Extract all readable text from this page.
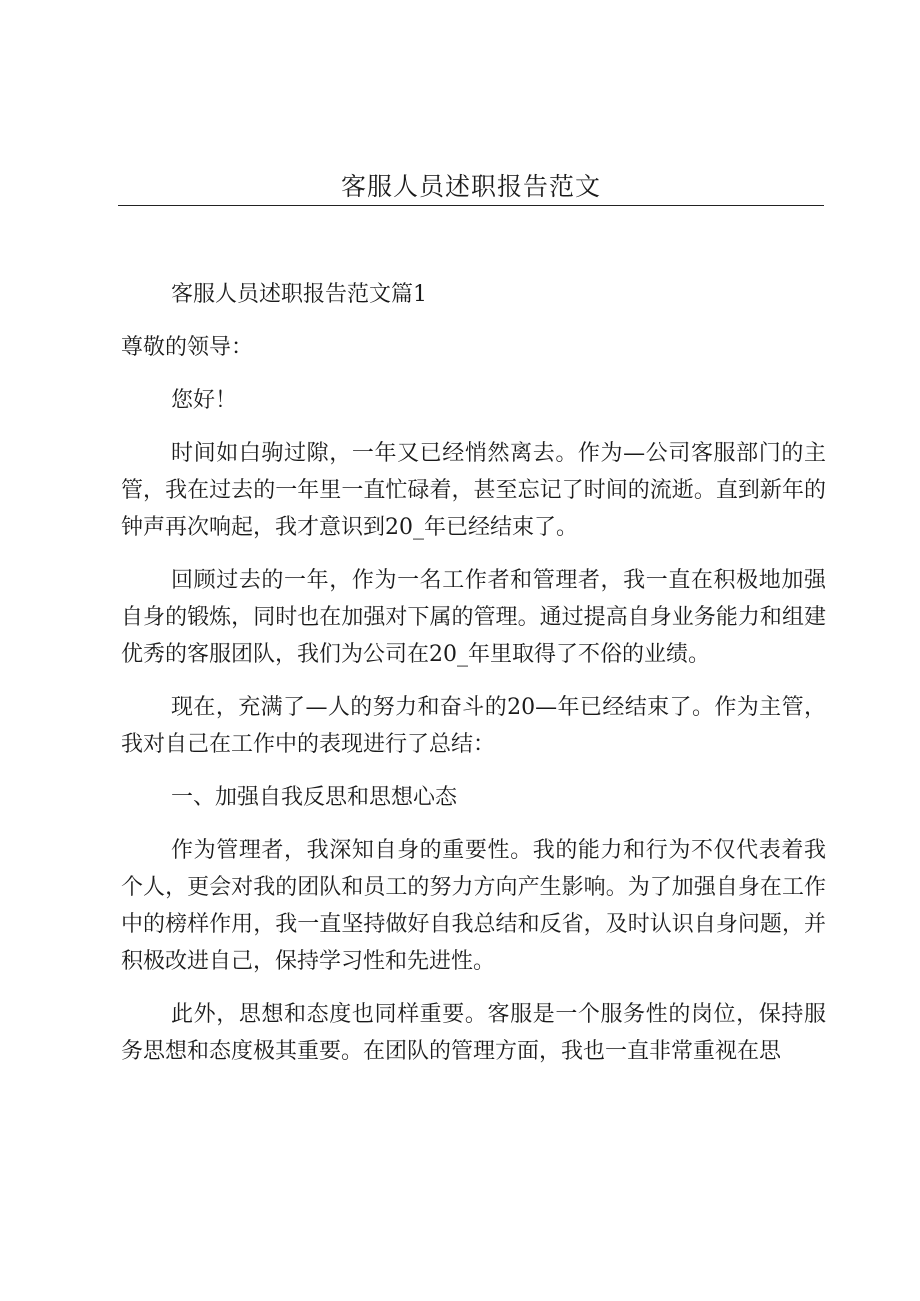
客服人员述职报告范文

客服人员述职报告范文篇1

尊敬的领导：

您好！

时间如白驹过隙，一年又已经悄然离去。作为—公司客服部门的主管，我在过去的一年里一直忙碌着，甚至忘记了时间的流逝。直到新年的钟声再次响起，我才意识到20_年已经结束了。

回顾过去的一年，作为一名工作者和管理者，我一直在积极地加强自身的锻炼，同时也在加强对下属的管理。通过提高自身业务能力和组建优秀的客服团队，我们为公司在20_年里取得了不俗的业绩。

现在，充满了—人的努力和奋斗的20—年已经结束了。作为主管，我对自己在工作中的表现进行了总结：

一、加强自我反思和思想心态

作为管理者，我深知自身的重要性。我的能力和行为不仅代表着我个人，更会对我的团队和员工的努力方向产生影响。为了加强自身在工作中的榜样作用，我一直坚持做好自我总结和反省，及时认识自身问题，并积极改进自己，保持学习性和先进性。

此外，思想和态度也同样重要。客服是一个服务性的岗位，保持服务思想和态度极其重要。在团队的管理方面，我也一直非常重视在思
